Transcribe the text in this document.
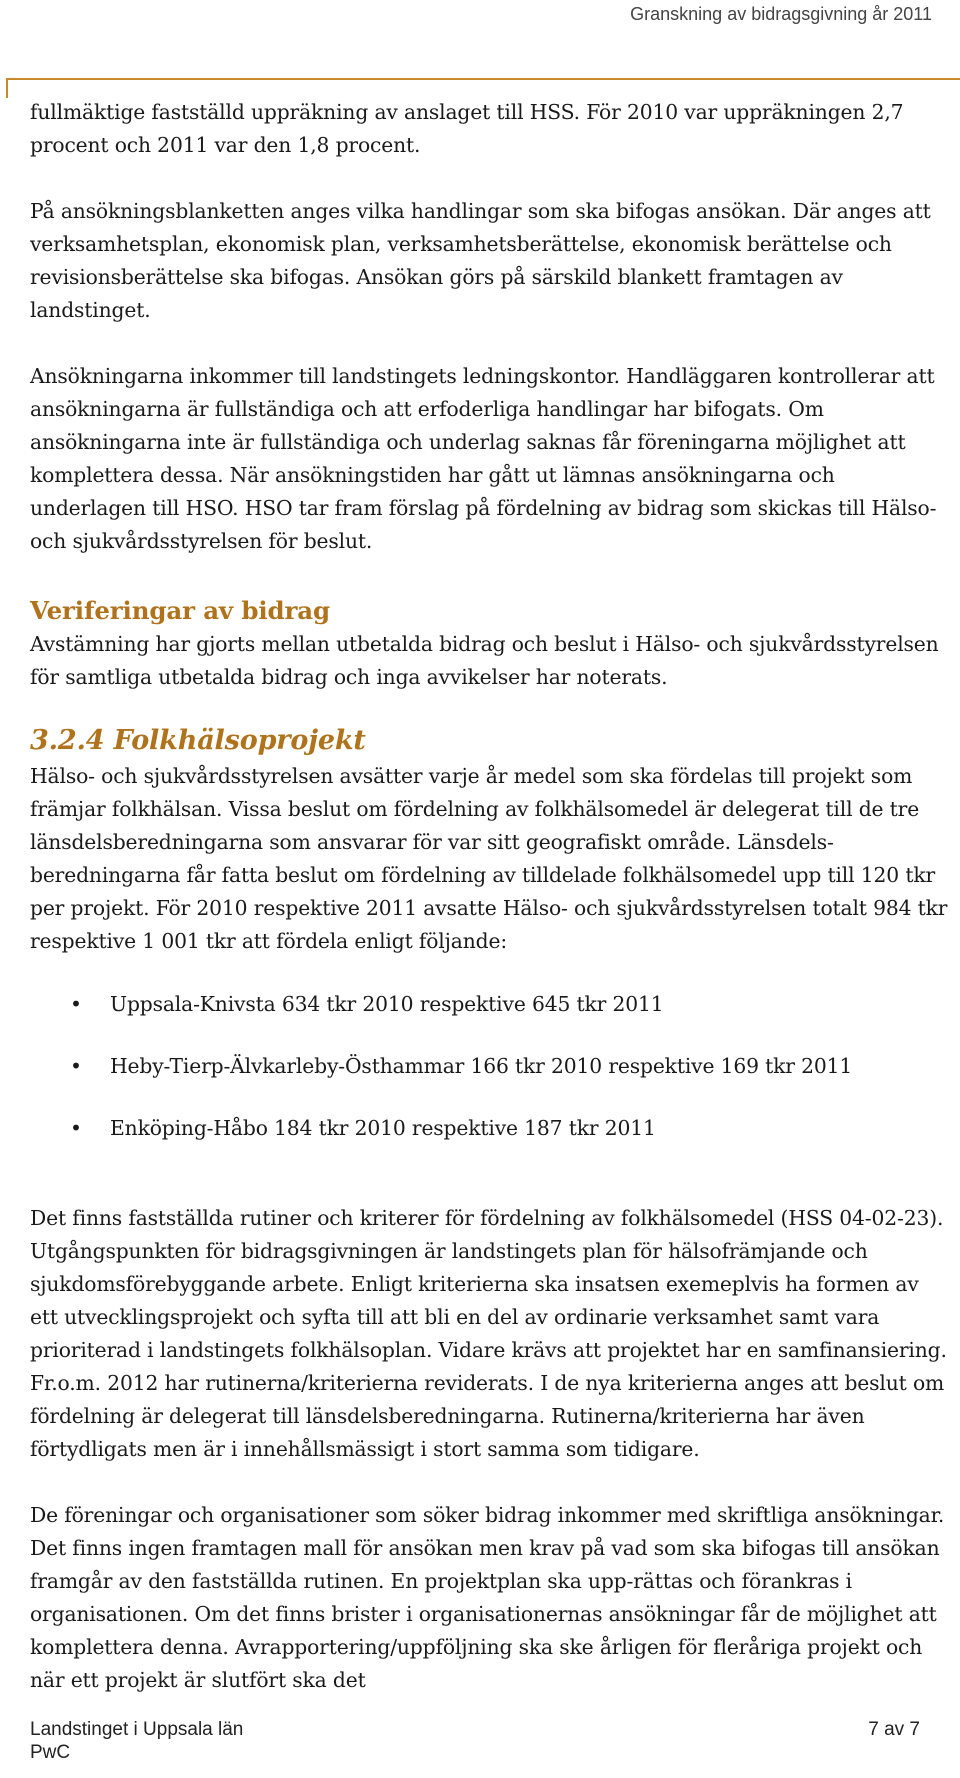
Granskning av bidragsgivning år 2011

fullmäktige fastställd uppräkning av anslaget till HSS. För 2010 var uppräkningen 2,7 procent och 2011 var den 1,8 procent.

På ansökningsblanketten anges vilka handlingar som ska bifogas ansökan. Där anges att verksamhetsplan, ekonomisk plan, verksamhetsberättelse, ekonomisk berättelse och revisionsberättelse ska bifogas. Ansökan görs på särskild blankett framtagen av landstinget.

Ansökningarna inkommer till landstingets ledningskontor. Handläggaren kontrollerar att ansökningarna är fullständiga och att erfoderliga handlingar har bifogats. Om ansökningarna inte är fullständiga och underlag saknas får föreningarna möjlighet att komplettera dessa. När ansökningstiden har gått ut lämnas ansökningarna och underlagen till HSO. HSO tar fram förslag på fördelning av bidrag som skickas till Hälso- och sjukvårdsstyrelsen för beslut.

Veriferingar av bidrag

Avstämning har gjorts mellan utbetalda bidrag och beslut i Hälso- och sjukvårdsstyrelsen för samtliga utbetalda bidrag och inga avvikelser har noterats.

3.2.4 Folkhälsoprojekt

Hälso- och sjukvårdsstyrelsen avsätter varje år medel som ska fördelas till projekt som främjar folkhälsan. Vissa beslut om fördelning av folkhälsomedel är delegerat till de tre länsdelsberedningarna som ansvarar för var sitt geografiskt område. Länsdels-beredningarna får fatta beslut om fördelning av tilldelade folkhälsomedel upp till 120 tkr per projekt. För 2010 respektive 2011 avsatte Hälso- och sjukvårdsstyrelsen totalt 984 tkr respektive 1 001 tkr att fördela enligt följande:

• Uppsala-Knivsta 634 tkr 2010 respektive 645 tkr 2011
• Heby-Tierp-Älvkarleby-Östhammar 166 tkr 2010 respektive 169 tkr 2011
• Enköping-Håbo 184 tkr 2010 respektive 187 tkr 2011

Det finns fastställda rutiner och kriterer för fördelning av folkhälsomedel (HSS 04-02-23). Utgångspunkten för bidragsgivningen är landstingets plan för hälsofrämjande och sjukdomsförebyggande arbete. Enligt kriterierna ska insatsen exemeplvis ha formen av ett utvecklingsprojekt och syfta till att bli en del av ordinarie verksamhet samt vara prioriterad i landstingets folkhälsoplan. Vidare krävs att projektet har en samfinansiering. Fr.o.m. 2012 har rutinerna/kriterierna reviderats. I de nya kriterierna anges att beslut om fördelning är delegerat till länsdelsberedningarna. Rutinerna/kriterierna har även förtydligats men är i innehållsmässigt i stort samma som tidigare.

De föreningar och organisationer som söker bidrag inkommer med skriftliga ansökningar. Det finns ingen framtagen mall för ansökan men krav på vad som ska bifogas till ansökan framgår av den fastställda rutinen. En projektplan ska upp-rättas och förankras i organisationen. Om det finns brister i organisationernas ansökningar får de möjlighet att komplettera denna. Avrapportering/uppföljning ska ske årligen för fleråriga projekt och när ett projekt är slutfört ska det

Landstinget i Uppsala län	7 av 7
PwC
